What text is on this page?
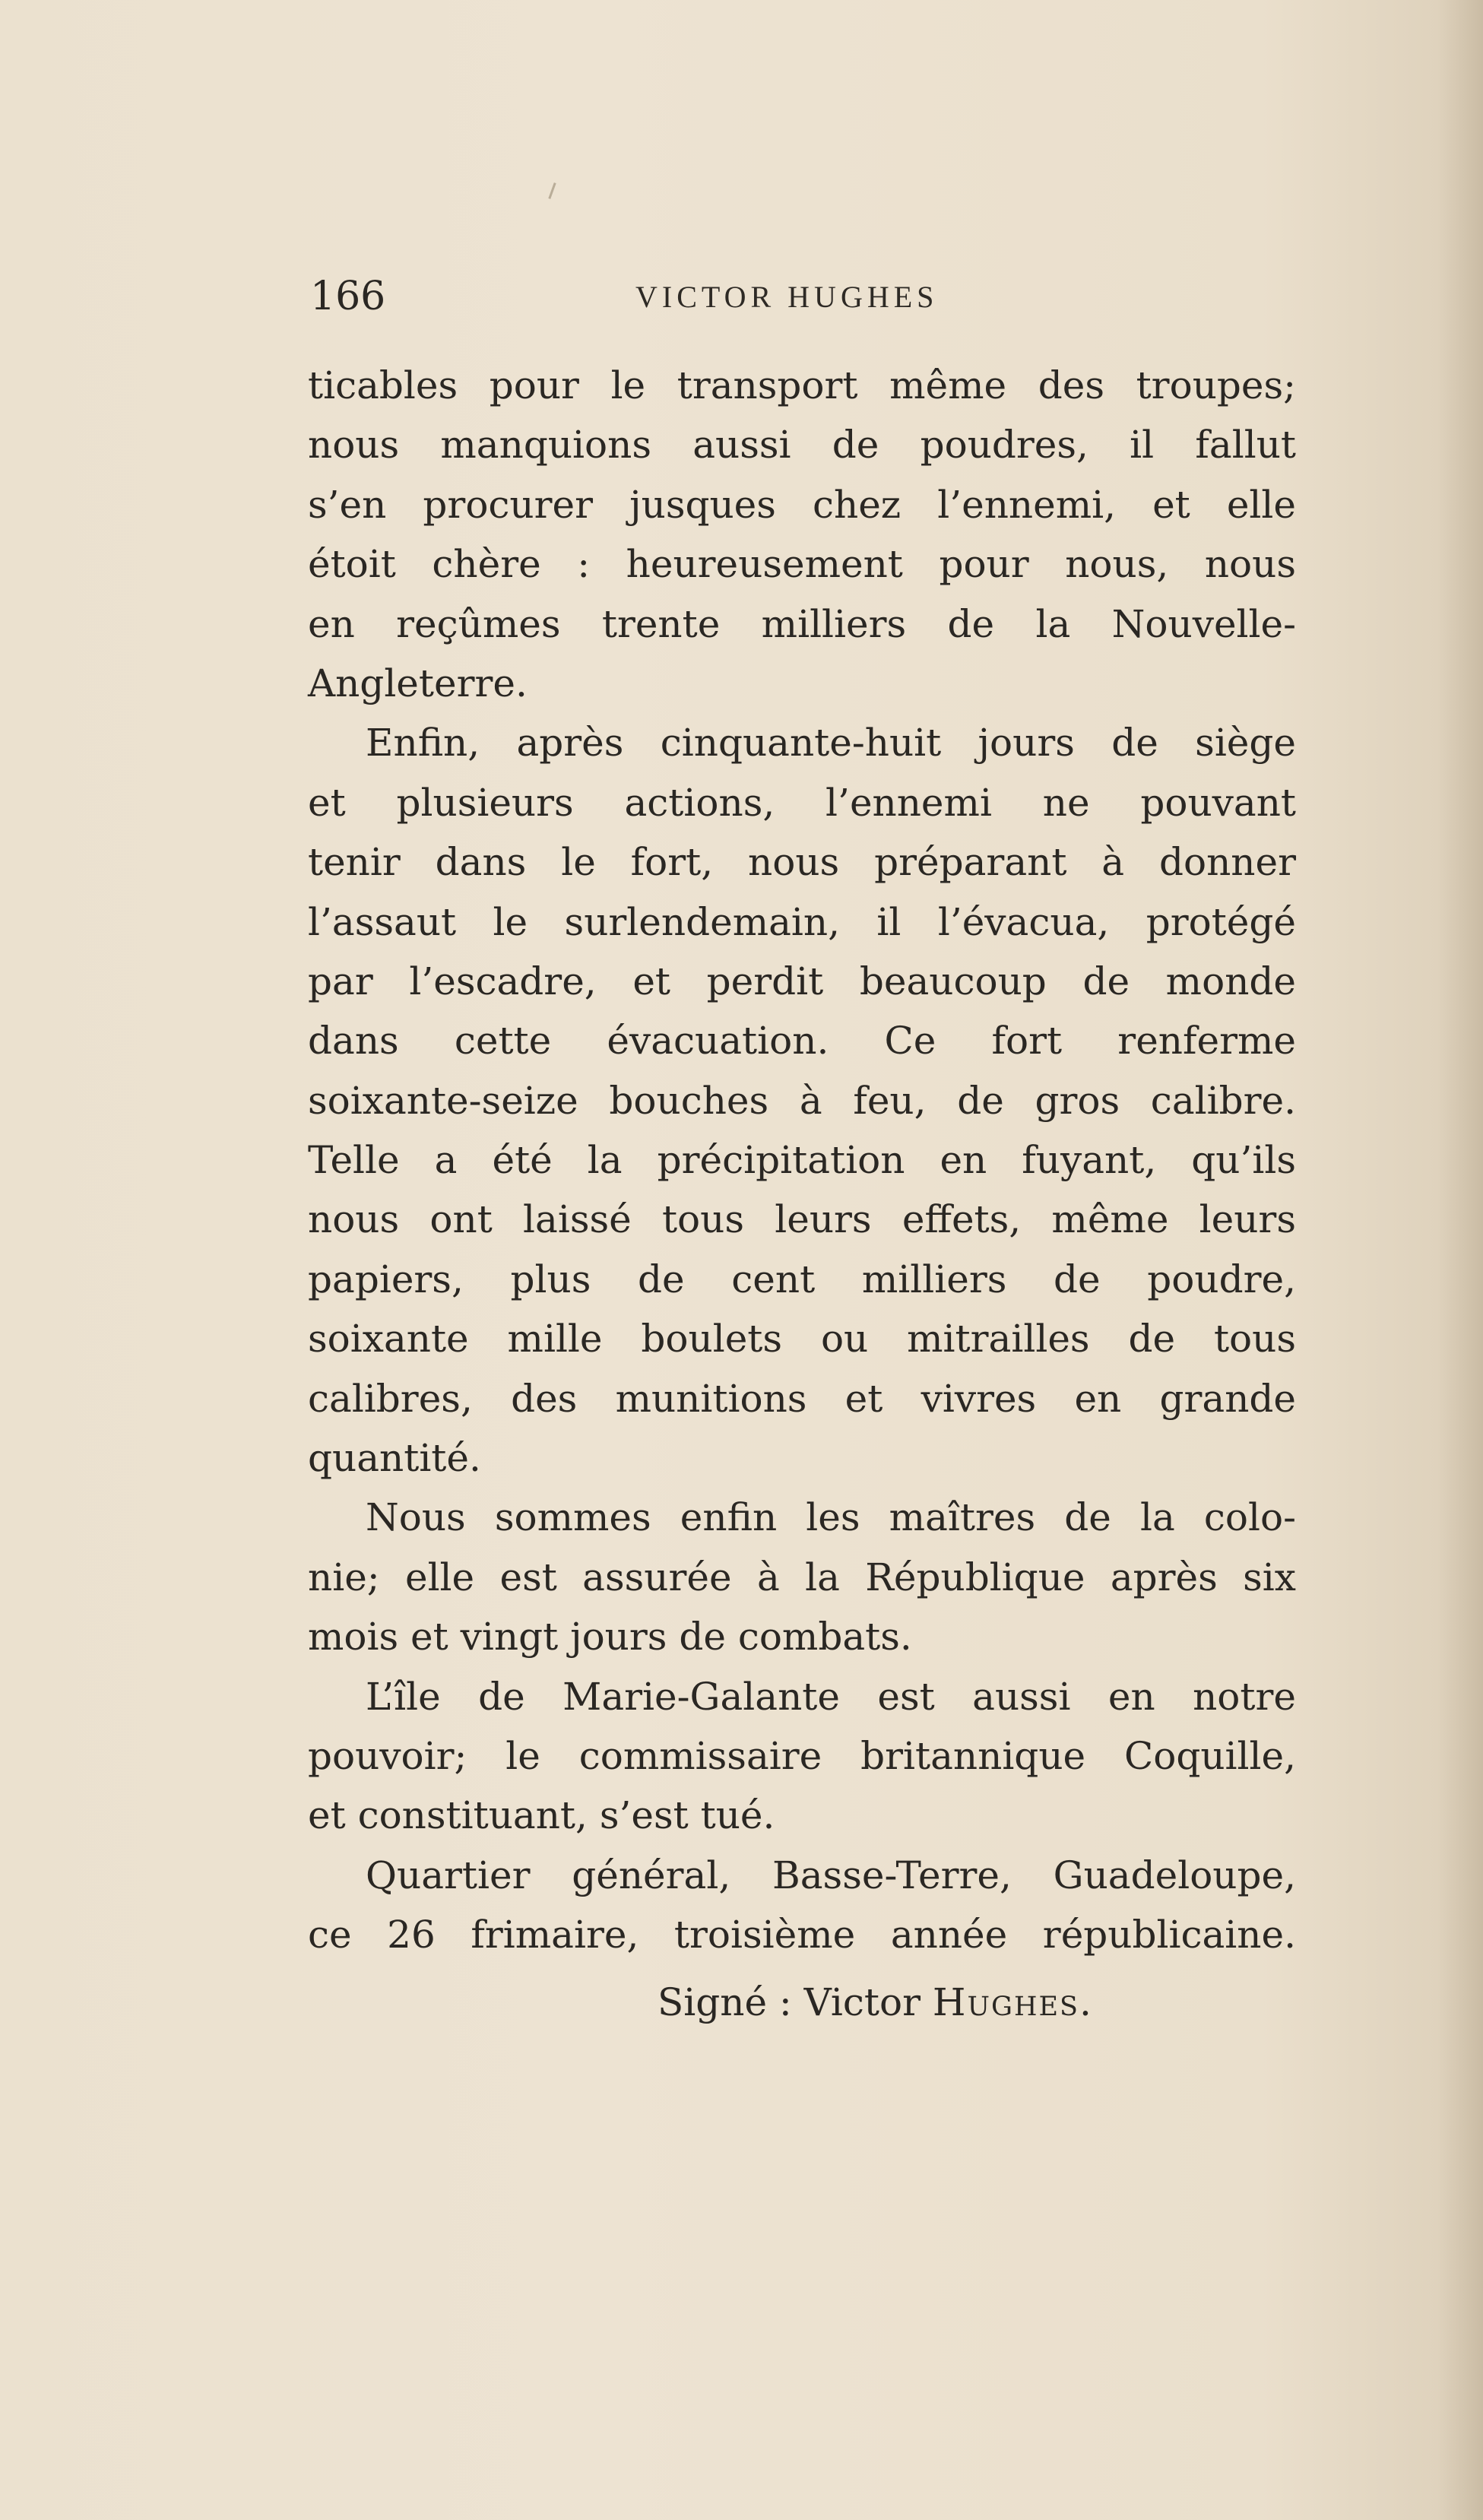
166	VICTOR HUGHES
ticables pour le transport même des troupes;
nous manquions aussi de poudres, il fallut
s’en procurer jusques chez l’ennemi, et elle
étoit chère : heureusement pour nous, nous
en reçûmes trente milliers de la Nouvelle-
Angleterre.
Enfin, après cinquante-huit jours de siège
et plusieurs actions, l’ennemi ne pouvant
tenir dans le fort, nous préparant à donner
l’assaut le surlendemain, il l’évacua, protégé
par l’escadre, et perdit beaucoup de monde
dans cette évacuation. Ce fort renferme
soixante-seize bouches à feu, de gros calibre.
Telle a été la précipitation en fuyant, qu’ils
nous ont laissé tous leurs effets, même leurs
papiers, plus de cent milliers de poudre,
soixante mille boulets ou mitrailles de tous
calibres, des munitions et vivres en grande
quantité.
Nous sommes enfin les maîtres de la colo-
nie; elle est assurée à la République après six
mois et vingt jours de combats.
L’île de Marie-Galante est aussi en notre
pouvoir; le commissaire britannique Coquille,
et constituant, s’est tué.
Quartier général, Basse-Terre, Guadeloupe,
ce 26 frimaire, troisième année républicaine.
Signé : Victor Hughes.
